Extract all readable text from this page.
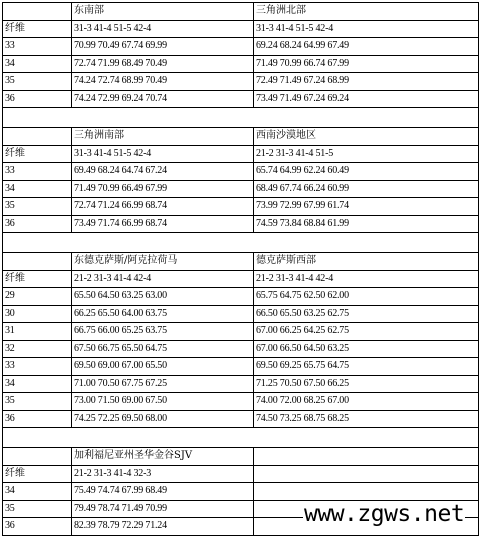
	东南部	三角洲北部
纤维	31-3 41-4 51-5 42-4	31-3 41-4 51-5 42-4
33	70.99 70.49 67.74 69.99	69.24 68.24 64.99 67.49
34	72.74 71.99 68.49 70.49	71.49 70.99 66.74 67.99
35	74.24 72.74 68.99 70.49	72.49 71.49 67.24 68.99
36	74.24 72.99 69.24 70.74	73.49 71.49 67.24 69.24

	三角洲南部	西南沙漠地区
纤维	31-3 41-4 51-5 42-4	21-2 31-3 41-4 51-5
33	69.49 68.24 64.74 67.24	65.74 64.99 62.24 60.49
34	71.49 70.99 66.49 67.99	68.49 67.74 66.24 60.99
35	72.74 71.24 66.99 68.74	73.99 72.99 67.99 61.74
36	73.49 71.74 66.99 68.74	74.59 73.84 68.84 61.99

	东德克萨斯/阿克拉荷马	德克萨斯西部
纤维	21-2 31-3 41-4 42-4	21-2 31-3 41-4 42-4
29	65.50 64.50 63.25 63.00	65.75 64.75 62.50 62.00
30	66.25 65.50 64.00 63.75	66.50 65.50 63.25 62.75
31	66.75 66.00 65.25 63.75	67.00 66.25 64.25 62.75
32	67.50 66.75 65.50 64.75	67.00 66.50 64.50 63.25
33	69.50 69.00 67.00 65.50	69.50 69.25 65.75 64.75
34	71.00 70.50 67.75 67.25	71.25 70.50 67.50 66.25
35	73.00 71.50 69.00 67.50	74.00 72.00 68.25 67.00
36	74.25 72.25 69.50 68.00	74.50 73.25 68.75 68.25

	加利福尼亚州圣华金谷SJV	
纤维	21-2 31-3 41-4 32-3	
34	75.49 74.74 67.99 68.49	
35	79.49 78.74 71.49 70.99	
36	82.39 78.79 72.29 71.24		www.zgws.net
